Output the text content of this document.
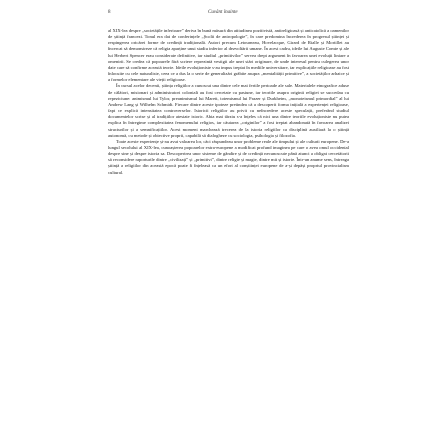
8	Cuvânt înainte

al XIX-lea despre „societățile inferioare” deriva în bună măsură din atitudinea pozitivistă, antireligioasă și anticatolică a oamenilor de știință francezi. Tonul era dat de conferințele „Școlii de antropologie”, în care predomina încrederea în progresul științei și respingerea oricărei forme de credință tradițională. Autori precum Letourneau, Hovelacque, Girard de Rialle și Mortillet au încercat să demonstreze că religia aparține unui stadiu inferior al dezvoltării umane. În acest cadru, ideile lui Auguste Comte și ale lui Herbert Spencer erau considerate definitive, iar studiul „primitivilor” servea drept argument în favoarea unei evoluții liniare a omenirii. Se credea că popoarele fără scriere reprezintă vestigii ale unei stări originare, de unde interesul pentru culegerea unor date care să confirme această teorie. Ideile evoluționiste s-au impus treptat în mediile universitare, iar explicațiile religioase au fost înlocuite cu cele naturaliste, ceea ce a dus la o serie de generalizări grăbite asupra „mentalității primitive”, a societăților arhaice și a formelor elementare ale vieții religioase.

În cursul acelor decenii, știința religiilor a cunoscut una dintre cele mai fertile perioade ale sale. Materialele etnografice aduse de călători, misionari și administratori coloniali au fost cercetate cu pasiune, iar teoriile asupra originii religiei se succedau cu repeziciune: animismul lui Tylor, preanimismul lui Marett, totemismul lui Frazer și Durkheim, „monoteismul primordial” al lui Andrew Lang și Wilhelm Schmidt. Fiecare dintre aceste ipoteze pretindea că a descoperit forma inițială a experienței religioase, fapt ce explică intensitatea controverselor. Istoricii religiilor au privit cu neîncredere aceste speculații, preferând studiul documentelor scrise și al tradițiilor atestate istoric. Abia mai târziu s-a înțeles că nici una dintre teoriile evoluționiste nu putea explica în întregime complexitatea fenomenului religios, iar căutarea „originilor” a fost treptat abandonată în favoarea analizei structurilor și a semnificațiilor. Acest moment marchează trecerea de la istoria religiilor ca disciplină auxiliară la o știință autonomă, cu metode și obiective proprii, capabilă să dialogheze cu sociologia, psihologia și filozofia.

Toate aceste experiențe și-au avut valoarea lor, căci răspundeau unor probleme reale ale timpului și ale culturii europene. De-a lungul secolului al XIX-lea, cunoașterea popoarelor extra-europene a modificat profund imaginea pe care o avea omul occidental despre sine și despre istoria sa. Descoperirea unor sisteme de gândire și de credință necunoscute până atunci a obligat cercetătorii să reconsidere raporturile dintre „civilizați” și „primitivi”, dintre religie și magie, dintre mit și istorie. Într-un anume sens, întreaga știință a religiilor din această epocă poate fi înțeleasă ca un efort al conștiinței europene de a-și depăși propriul provincialism cultural.
